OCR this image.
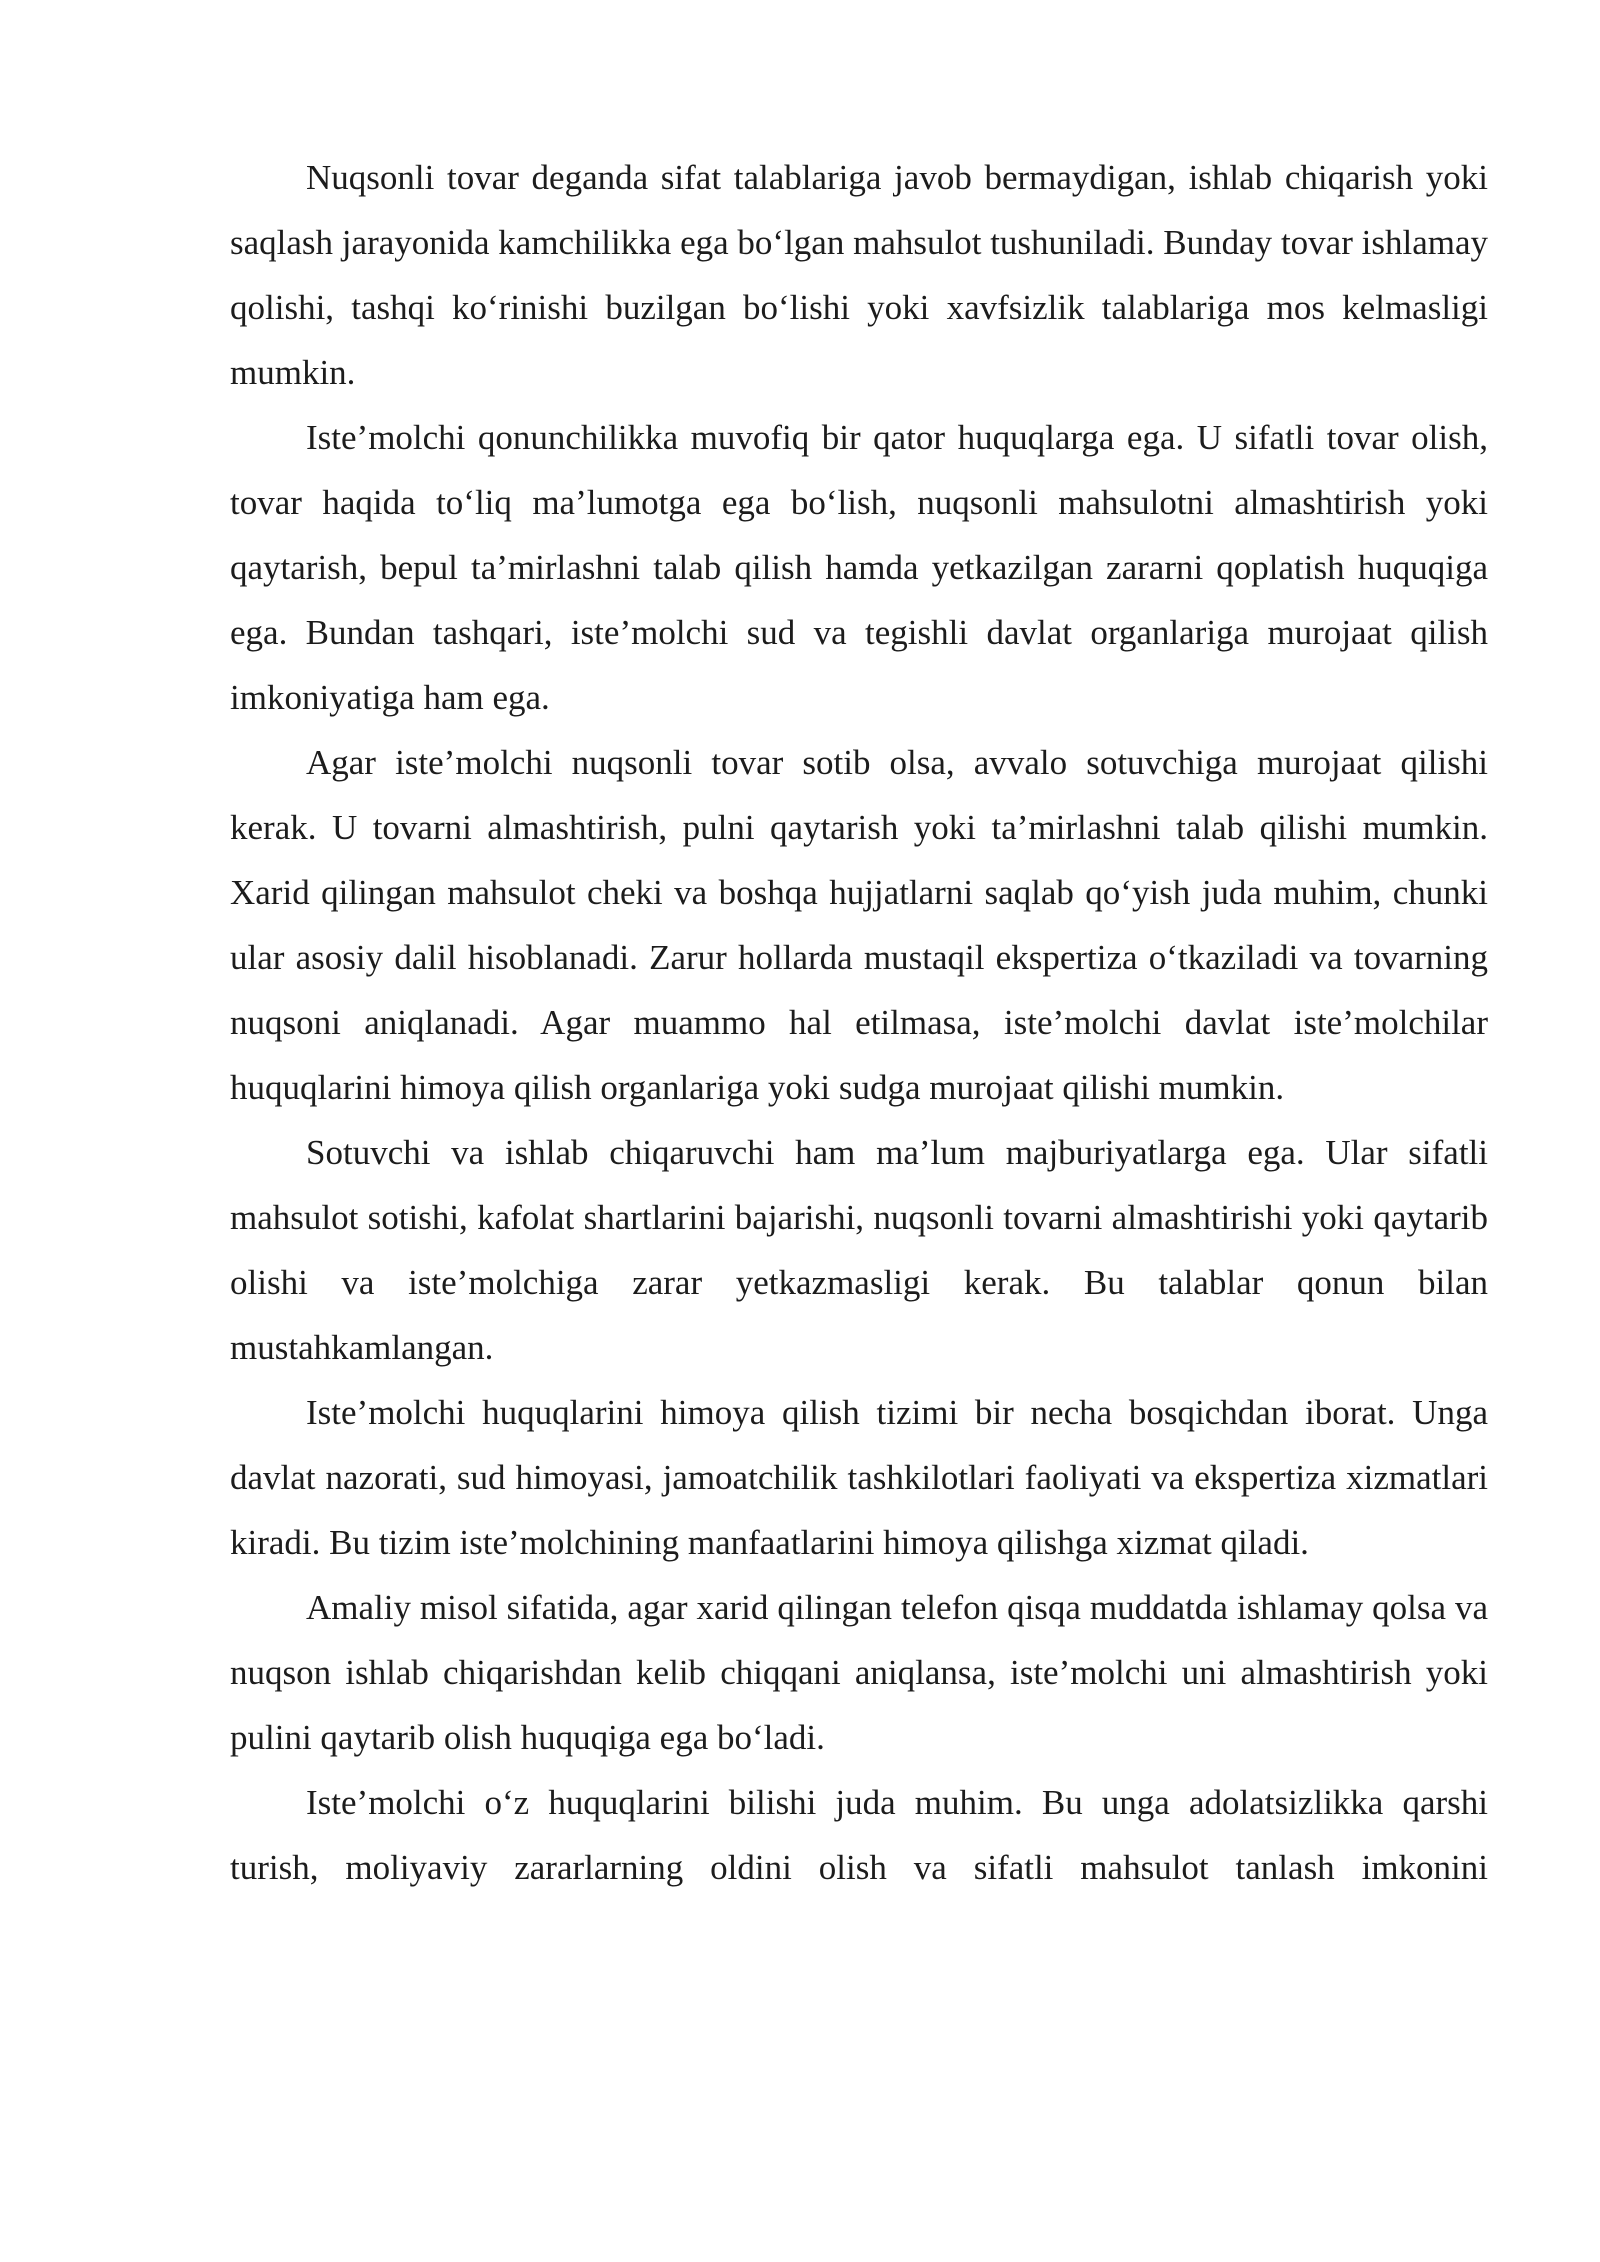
Nuqsonli tovar deganda sifat talablariga javob bermaydigan, ishlab chiqarish yoki saqlash jarayonida kamchilikka ega bo‘lgan mahsulot tushuniladi. Bunday tovar ishlamay qolishi, tashqi ko‘rinishi buzilgan bo‘lishi yoki xavfsizlik talablariga mos kelmasligi mumkin.

Iste’molchi qonunchilikka muvofiq bir qator huquqlarga ega. U sifatli tovar olish, tovar haqida to‘liq ma’lumotga ega bo‘lish, nuqsonli mahsulotni almashtirish yoki qaytarish, bepul ta’mirlashni talab qilish hamda yetkazilgan zararni qoplatish huquqiga ega. Bundan tashqari, iste’molchi sud va tegishli davlat organlariga murojaat qilish imkoniyatiga ham ega.

Agar iste’molchi nuqsonli tovar sotib olsa, avvalo sotuvchiga murojaat qilishi kerak. U tovarni almashtirish, pulni qaytarish yoki ta’mirlashni talab qilishi mumkin. Xarid qilingan mahsulot cheki va boshqa hujjatlarni saqlab qo‘yish juda muhim, chunki ular asosiy dalil hisoblanadi. Zarur hollarda mustaqil ekspertiza o‘tkaziladi va tovarning nuqsoni aniqlanadi. Agar muammo hal etilmasa, iste’molchi davlat iste’molchilar huquqlarini himoya qilish organlariga yoki sudga murojaat qilishi mumkin.

Sotuvchi va ishlab chiqaruvchi ham ma’lum majburiyatlarga ega. Ular sifatli mahsulot sotishi, kafolat shartlarini bajarishi, nuqsonli tovarni almashtirishi yoki qaytarib olishi va iste’molchiga zarar yetkazmasligi kerak. Bu talablar qonun bilan mustahkamlangan.

Iste’molchi huquqlarini himoya qilish tizimi bir necha bosqichdan iborat. Unga davlat nazorati, sud himoyasi, jamoatchilik tashkilotlari faoliyati va ekspertiza xizmatlari kiradi. Bu tizim iste’molchining manfaatlarini himoya qilishga xizmat qiladi.

Amaliy misol sifatida, agar xarid qilingan telefon qisqa muddatda ishlamay qolsa va nuqson ishlab chiqarishdan kelib chiqqani aniqlansa, iste’molchi uni almashtirish yoki pulini qaytarib olish huquqiga ega bo‘ladi.

Iste’molchi o‘z huquqlarini bilishi juda muhim. Bu unga adolatsizlikka qarshi turish, moliyaviy zararlarning oldini olish va sifatli mahsulot tanlash imkonini
